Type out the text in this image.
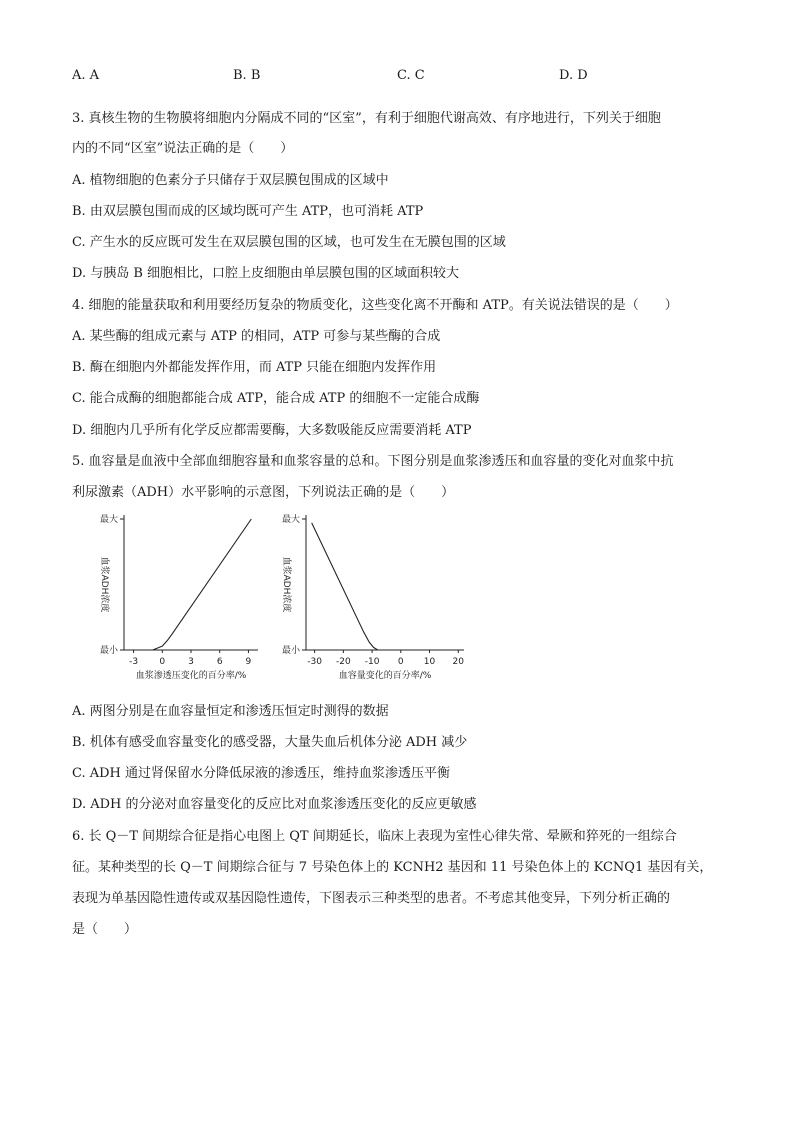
A. A	B. B	C. C	D. D
3. 真核生物的生物膜将细胞内分隔成不同的“区室”，有利于细胞代谢高效、有序地进行，下列关于细胞
内的不同“区室”说法正确的是（　　）
A. 植物细胞的色素分子只储存于双层膜包围成的区域中
B. 由双层膜包围而成的区域均既可产生 ATP，也可消耗 ATP
C. 产生水的反应既可发生在双层膜包围的区域，也可发生在无膜包围的区域
D. 与胰岛 B 细胞相比，口腔上皮细胞由单层膜包围的区域面积较大
4. 细胞的能量获取和利用要经历复杂的物质变化，这些变化离不开酶和 ATP。有关说法错误的是（　　）
A. 某些酶的组成元素与 ATP 的相同，ATP 可参与某些酶的合成
B. 酶在细胞内外都能发挥作用，而 ATP 只能在细胞内发挥作用
C. 能合成酶的细胞都能合成 ATP，能合成 ATP 的细胞不一定能合成酶
D. 细胞内几乎所有化学反应都需要酶，大多数吸能反应需要消耗 ATP
5. 血容量是血液中全部血细胞容量和血浆容量的总和。下图分别是血浆渗透压和血容量的变化对血浆中抗
利尿激素（ADH）水平影响的示意图，下列说法正确的是（　　）
最大
最小
-3 0	3	6	9
血浆ADH浓度
血浆渗透压变化的百分率/%
最大
最小
-30 -20 -10 0 10 20
血浆ADH浓度
血容量变化的百分率/%
A. 两图分别是在血容量恒定和渗透压恒定时测得的数据
B. 机体有感受血容量变化的感受器，大量失血后机体分泌 ADH 减少
C. ADH 通过肾保留水分降低尿液的渗透压，维持血浆渗透压平衡
D. ADH 的分泌对血容量变化的反应比对血浆渗透压变化的反应更敏感
6. 长 Q－T 间期综合征是指心电图上 QT 间期延长，临床上表现为室性心律失常、晕厥和猝死的一组综合
征。某种类型的长 Q－T 间期综合征与 7 号染色体上的 KCNH2 基因和 11 号染色体上的 KCNQ1 基因有关，
表现为单基因隐性遗传或双基因隐性遗传，下图表示三种类型的患者。不考虑其他变异，下列分析正确的
是（　　）
